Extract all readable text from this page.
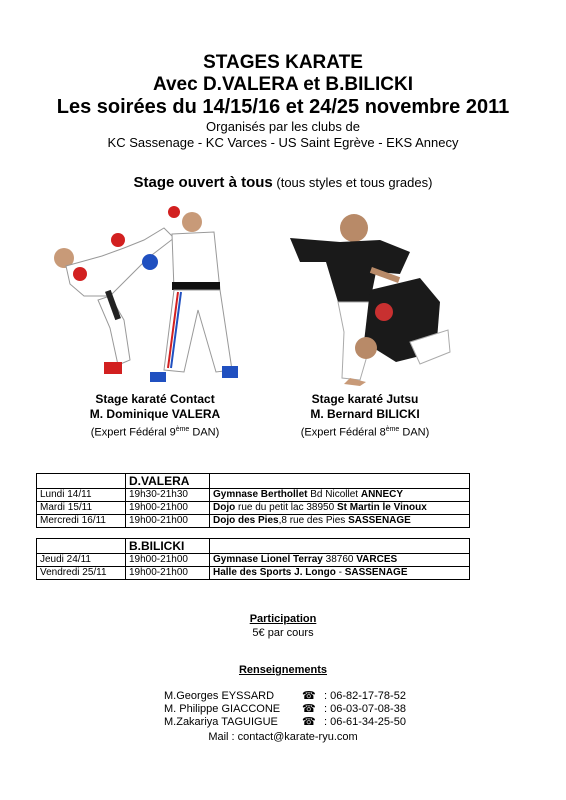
STAGES KARATE
Avec D.VALERA et B.BILICKI
Les soirées du 14/15/16 et 24/25 novembre 2011
Organisés par les clubs de
KC Sassenage - KC Varces - US Saint Egrève - EKS Annecy
Stage ouvert à tous (tous styles et tous grades)
Stage karaté Contact
M. Dominique VALERA
(Expert Fédéral 9ème DAN)
Stage karaté Jutsu
M. Bernard BILICKI
(Expert Fédéral 8ème DAN)
	D.VALERA	
Lundi 14/11	19h30-21h30	Gymnase Berthollet Bd Nicollet ANNECY
Mardi 15/11	19h00-21h00	Dojo rue du petit lac 38950 St Martin le Vinoux
Mercredi 16/11	19h00-21h00	Dojo des Pies,8 rue des Pies SASSENAGE

	B.BILICKI	
Jeudi 24/11	19h00-21h00	Gymnase Lionel Terray 38760 VARCES
Vendredi 25/11	19h00-21h00	Halle des Sports J. Longo - SASSENAGE
Participation
5€ par cours
Renseignements
M.Georges EYSSARD	☎ : 06-82-17-78-52
M. Philippe GIACCONE	☎ : 06-03-07-08-38
M.Zakariya TAGUIGUE	☎ : 06-61-34-25-50
Mail : contact@karate-ryu.com
